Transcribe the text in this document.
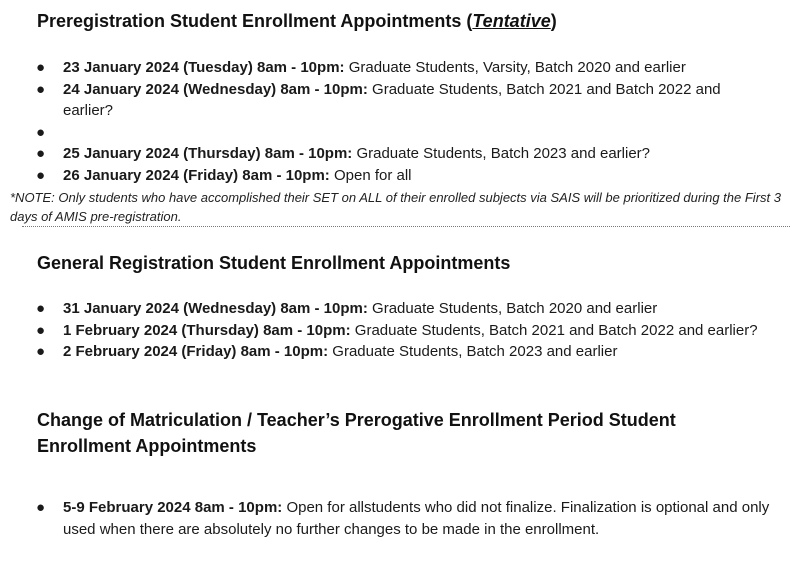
Preregistration Student Enrollment Appointments (Tentative)
● 23 January 2024 (Tuesday) 8am - 10pm: Graduate Students, Varsity, Batch 2020 and earlier
● 24 January 2024 (Wednesday) 8am - 10pm: Graduate Students, Batch 2021 and Batch 2022 and earlier?
●
● 25 January 2024 (Thursday) 8am - 10pm: Graduate Students, Batch 2023 and earlier?
● 26 January 2024 (Friday) 8am - 10pm: Open for all
*NOTE: Only students who have accomplished their SET on ALL of their enrolled subjects via SAIS will be prioritized during the First 3 days of AMIS pre-registration.
General Registration Student Enrollment Appointments
● 31 January 2024 (Wednesday) 8am - 10pm: Graduate Students, Batch 2020 and earlier
● 1 February 2024 (Thursday) 8am - 10pm: Graduate Students, Batch 2021 and Batch 2022 and earlier?
● 2 February 2024 (Friday) 8am - 10pm: Graduate Students, Batch 2023 and earlier
Change of Matriculation / Teacher’s Prerogative Enrollment Period Student Enrollment Appointments
● 5-9 February 2024 8am - 10pm: Open for allstudents who did not finalize. Finalization is optional and only used when there are absolutely no further changes to be made in the enrollment.
